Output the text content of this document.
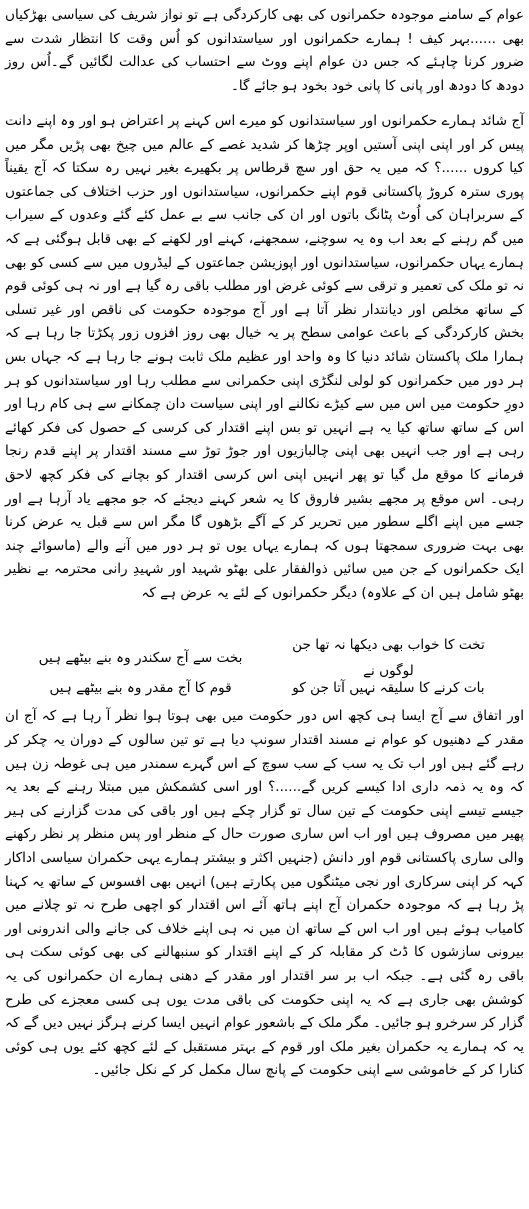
عوام کے سامنے موجودہ حکمرانوں کی بھی کارکردگی ہے تو نواز شریف کی سیاسی بھڑکیاں بھی ......بہر کیف ! ہمارے حکمرانوں اور سیاستدانوں کو اُس وقت کا انتظار شدت سے ضرور کرنا چاہئے کہ جس دن عوام اپنے ووٹ سے احتساب کی عدالت لگائیں گے۔اُس روز دودھ کا دودھ اور پانی کا پانی خود بخود ہو جائے گا۔

آج شائد ہمارے حکمرانوں اور سیاستدانوں کو میرے اس کہنے پر اعتراض ہو اور وہ اپنے دانت پیس کر اور اپنی اپنی آستیں اوپر چڑھا کر شدید غصے کے عالم میں چیخ بھی پڑیں مگر میں کیا کروں ......؟ کہ میں یہ حق اور سچ قرطاس پر بکھیرے بغیر نہیں رہ سکتا کہ آج یقیناً پوری سترہ کروڑ پاکستانی قوم اپنے حکمرانوں، سیاستدانوں اور حزب اختلاف کی جماعتوں کے سربراہان کی اُوٹ پٹانگ باتوں اور ان کی جانب سے بے عمل کئے گئے وعدوں کے سیراب میں گم رہنے کے بعد اب وہ یہ سوچنے، سمجھنے، کہنے اور لکھنے کے بھی قابل ہوگئی ہے کہ ہمارے یہاں حکمرانوں، سیاستدانوں اور اپوزیشن جماعتوں کے لیڈروں میں سے کسی کو بھی نہ تو ملک کی تعمیر و ترقی سے کوئی غرض اور مطلب باقی رہ گیا ہے اور نہ ہی کوئی قوم کے ساتھ مخلص اور دیانتدار نظر آتا ہے اور آج موجودہ حکومت کی ناقص اور غیر تسلی بخش کارکردگی کے باعث عوامی سطح پر یہ خیال بھی روز افزوں زور پکڑتا جا رہا ہے کہ ہمارا ملک پاکستان شائد دنیا کا وہ واحد اور عظیم ملک ثابت ہونے جا رہا ہے کہ جہاں بس ہر دور میں حکمرانوں کو لولی لنگڑی اپنی حکمرانی سے مطلب رہا اور سیاستدانوں کو ہر دورِ حکومت میں اس میں سے کیڑے نکالنے اور اپنی سیاست دان چمکانے سے ہی کام رہا اور اس کے ساتھ ساتھ کیا یہ ہے انہیں تو بس اپنے اقتدار کی کرسی کے حصول کی فکر کھائے رہی ہے اور جب انہیں بھی اپنی چالبازیوں اور جوڑ توڑ سے مسند اقتدار پر اپنے قدم رنجا فرمانے کا موقع مل گیا تو پھر انہیں اپنی اس کرسی اقتدار کو بچانے کی فکر کچھ لاحق رہی۔ اس موقع پر مجھے بشیر فاروق کا یہ شعر کہنے دیجئے کہ جو مجھے یاد آرہا ہے اور جسے میں اپنے اگلے سطور میں تحریر کر کے آگے بڑھوں گا مگر اس سے قبل یہ عرض کرنا بھی بہت ضروری سمجھتا ہوں کہ ہمارے یہاں یوں تو ہر دور میں آنے والے (ماسوائے چند ایک حکمرانوں کے جن میں سائیں ذوالفقار علی بھٹو شہید اور شہیدِ رانی محترمہ بے نظیر بھٹو شامل ہیں ان کے علاوہ) دیگر حکمرانوں کے لئے یہ عرض ہے کہ

تخت کا خواب بھی دیکھا نہ تھا جن لوگوں نے
بخت سے آج سکندر وہ بنے بیٹھے ہیں
بات کرنے کا سلیقہ نہیں آتا جن کو
قوم کا آج مقدر وہ بنے بیٹھے ہیں

اور اتفاق سے آج ایسا ہی کچھ اس دور حکومت میں بھی ہوتا ہوا نظر آ رہا ہے کہ آج ان مقدر کے دھنیوں کو عوام نے مسند اقتدار سونپ دیا ہے تو تین سالوں کے دوران یہ چکر کر رہے گئے ہیں اور اب تک یہ سب کے سب سوچ کے اس گہرے سمندر میں ہی غوطہ زن ہیں کہ وہ یہ ذمہ داری ادا کیسے کریں گے......؟ اور اسی کشمکش میں مبتلا رہنے کے بعد یہ جیسے تیسے اپنی حکومت کے تین سال تو گزار چکے ہیں اور باقی کی مدت گزارنے کی ہیر پھیر میں مصروف ہیں اور اب اس ساری صورت حال کے منظر اور پس منظر پر نظر رکھنے والی ساری پاکستانی قوم اور دانش (جنہیں اکثر و بیشتر ہمارے یہی حکمران سیاسی اداکار کہہ کر اپنی سرکاری اور نجی میٹنگوں میں پکارتے ہیں) انہیں بھی افسوس کے ساتھ یہ کہنا پڑ رہا ہے کہ موجودہ حکمران آج اپنے ہاتھ آئے اس اقتدار کو اچھی طرح نہ تو چلانے میں کامیاب ہوئے ہیں اور اب اس کے ساتھ ان میں نہ ہی اپنے خلاف کی جانے والی اندرونی اور بیرونی سازشوں کا ڈٹ کر مقابلہ کر کے اپنے اقتدار کو سنبھالنے کی بھی کوئی سکت ہی باقی رہ گئی ہے۔ جبکہ اب بر سر اقتدار اور مقدر کے دھنی ہمارے ان حکمرانوں کی یہ کوشش بھی جاری ہے کہ یہ اپنی حکومت کی باقی مدت یوں ہی کسی معجزے کی طرح گزار کر سرخرو ہو جائیں۔ مگر ملک کے باشعور عوام انہیں ایسا کرنے ہرگز نہیں دیں گے کہ یہ کہ ہمارے یہ حکمران بغیر ملک اور قوم کے بہتر مستقبل کے لئے کچھ کئے یوں ہی کوئی کنارا کر کے خاموشی سے اپنی حکومت کے پانچ سال مکمل کر کے نکل جائیں۔
